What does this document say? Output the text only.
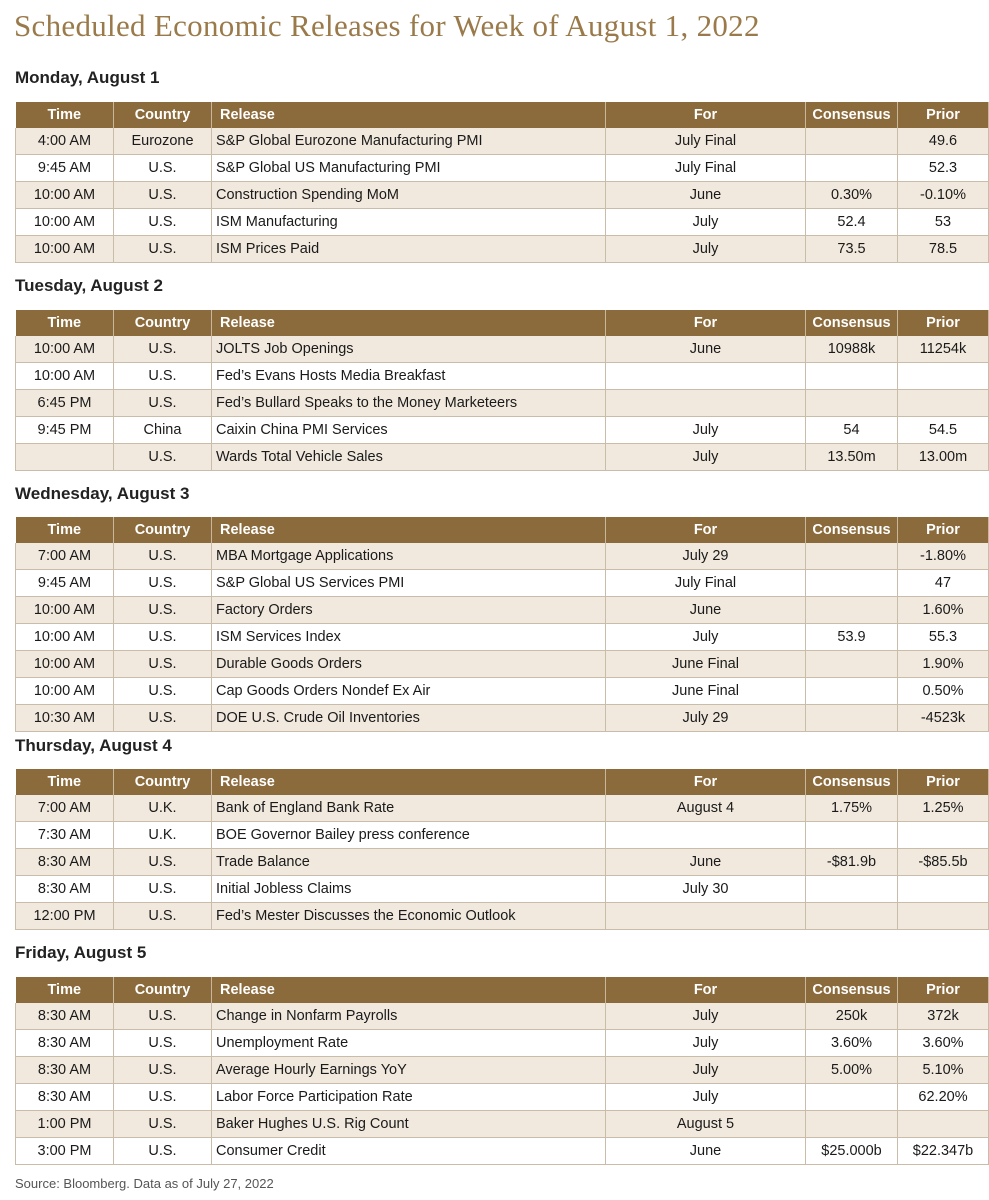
Scheduled Economic Releases for Week of August 1, 2022
Monday, August 1
Time	Country	Release	For	Consensus	Prior
4:00 AM	Eurozone	S&P Global Eurozone Manufacturing PMI	July Final		49.6
9:45 AM	U.S.	S&P Global US Manufacturing PMI	July Final		52.3
10:00 AM	U.S.	Construction Spending MoM	June	0.30%	-0.10%
10:00 AM	U.S.	ISM Manufacturing	July	52.4	53
10:00 AM	U.S.	ISM Prices Paid	July	73.5	78.5
Tuesday, August 2
Time	Country	Release	For	Consensus	Prior
10:00 AM	U.S.	JOLTS Job Openings	June	10988k	11254k
10:00 AM	U.S.	Fed’s Evans Hosts Media Breakfast			
6:45 PM	U.S.	Fed’s Bullard Speaks to the Money Marketeers			
9:45 PM	China	Caixin China PMI Services	July	54	54.5
	U.S.	Wards Total Vehicle Sales	July	13.50m	13.00m
Wednesday, August 3
Time	Country	Release	For	Consensus	Prior
7:00 AM	U.S.	MBA Mortgage Applications	July 29		-1.80%
9:45 AM	U.S.	S&P Global US Services PMI	July Final		47
10:00 AM	U.S.	Factory Orders	June		1.60%
10:00 AM	U.S.	ISM Services Index	July	53.9	55.3
10:00 AM	U.S.	Durable Goods Orders	June Final		1.90%
10:00 AM	U.S.	Cap Goods Orders Nondef Ex Air	June Final		0.50%
10:30 AM	U.S.	DOE U.S. Crude Oil Inventories	July 29		-4523k
Thursday, August 4
Time	Country	Release	For	Consensus	Prior
7:00 AM	U.K.	Bank of England Bank Rate	August 4	1.75%	1.25%
7:30 AM	U.K.	BOE Governor Bailey press conference			
8:30 AM	U.S.	Trade Balance	June	-$81.9b	-$85.5b
8:30 AM	U.S.	Initial Jobless Claims	July 30		
12:00 PM	U.S.	Fed’s Mester Discusses the Economic Outlook			
Friday, August 5
Time	Country	Release	For	Consensus	Prior
8:30 AM	U.S.	Change in Nonfarm Payrolls	July	250k	372k
8:30 AM	U.S.	Unemployment Rate	July	3.60%	3.60%
8:30 AM	U.S.	Average Hourly Earnings YoY	July	5.00%	5.10%
8:30 AM	U.S.	Labor Force Participation Rate	July		62.20%
1:00 PM	U.S.	Baker Hughes U.S. Rig Count	August 5		
3:00 PM	U.S.	Consumer Credit	June	$25.000b	$22.347b
Source: Bloomberg. Data as of July 27, 2022
